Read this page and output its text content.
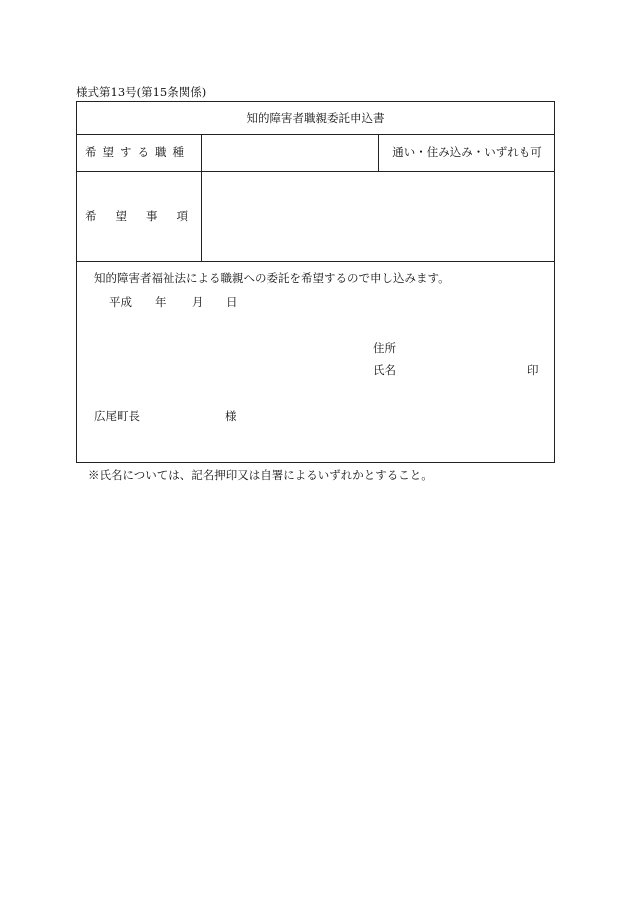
様式第13号(第15条関係)
知的障害者職親委託申込書
希望する職種	通い・住み込み・いずれも可
希望事項
知的障害者福祉法による職親への委託を希望するので申し込みます。
平成 年 月 日
住所
氏名	印
広尾町長	様
※氏名については、記名押印又は自署によるいずれかとすること。
